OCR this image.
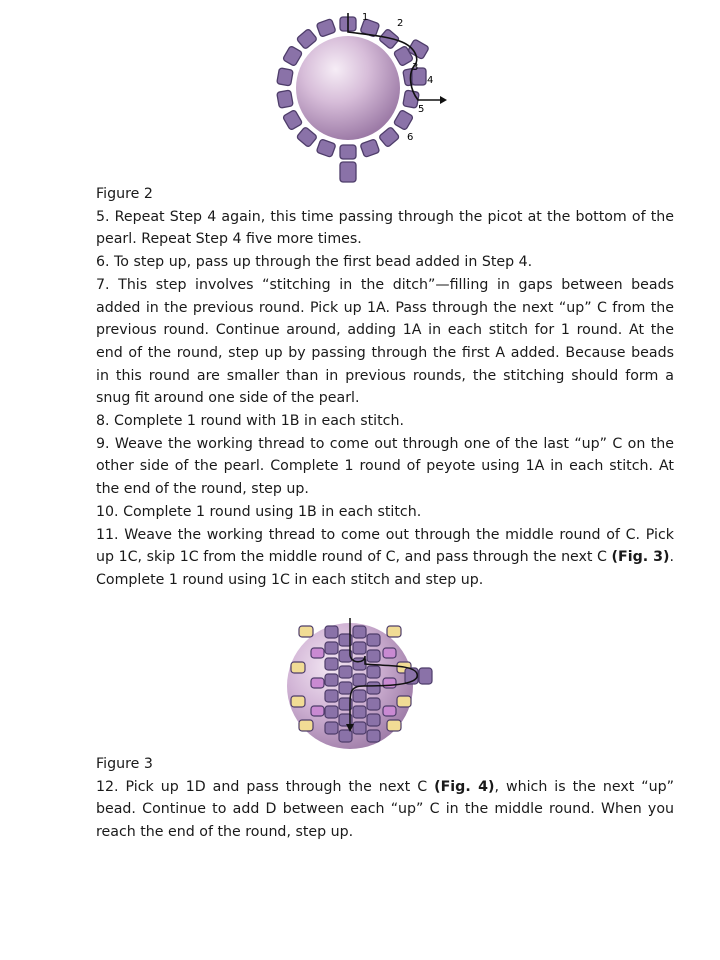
1
2
3
4
5
6

Figure 2

5. Repeat Step 4 again, this time passing through the picot at the bottom of the pearl. Repeat Step 4 five more times.

6. To step up, pass up through the first bead added in Step 4.

7. This step involves “stitching in the ditch”—filling in gaps between beads added in the previous round. Pick up 1A. Pass through the next “up” C from the previous round. Continue around, adding 1A in each stitch for 1 round. At the end of the round, step up by passing through the first A added. Because beads in this round are smaller than in previous rounds, the stitching should form a snug fit around one side of the pearl.

8. Complete 1 round with 1B in each stitch.

9. Weave the working thread to come out through one of the last “up” C on the other side of the pearl. Complete 1 round of peyote using 1A in each stitch. At the end of the round, step up.

10. Complete 1 round using 1B in each stitch.

11. Weave the working thread to come out through the middle round of C. Pick up 1C, skip 1C from the middle round of C, and pass through the next C (Fig. 3). Complete 1 round using 1C in each stitch and step up.

Figure 3

12. Pick up 1D and pass through the next C (Fig. 4), which is the next “up” bead. Continue to add D between each “up” C in the middle round. When you reach the end of the round, step up.
